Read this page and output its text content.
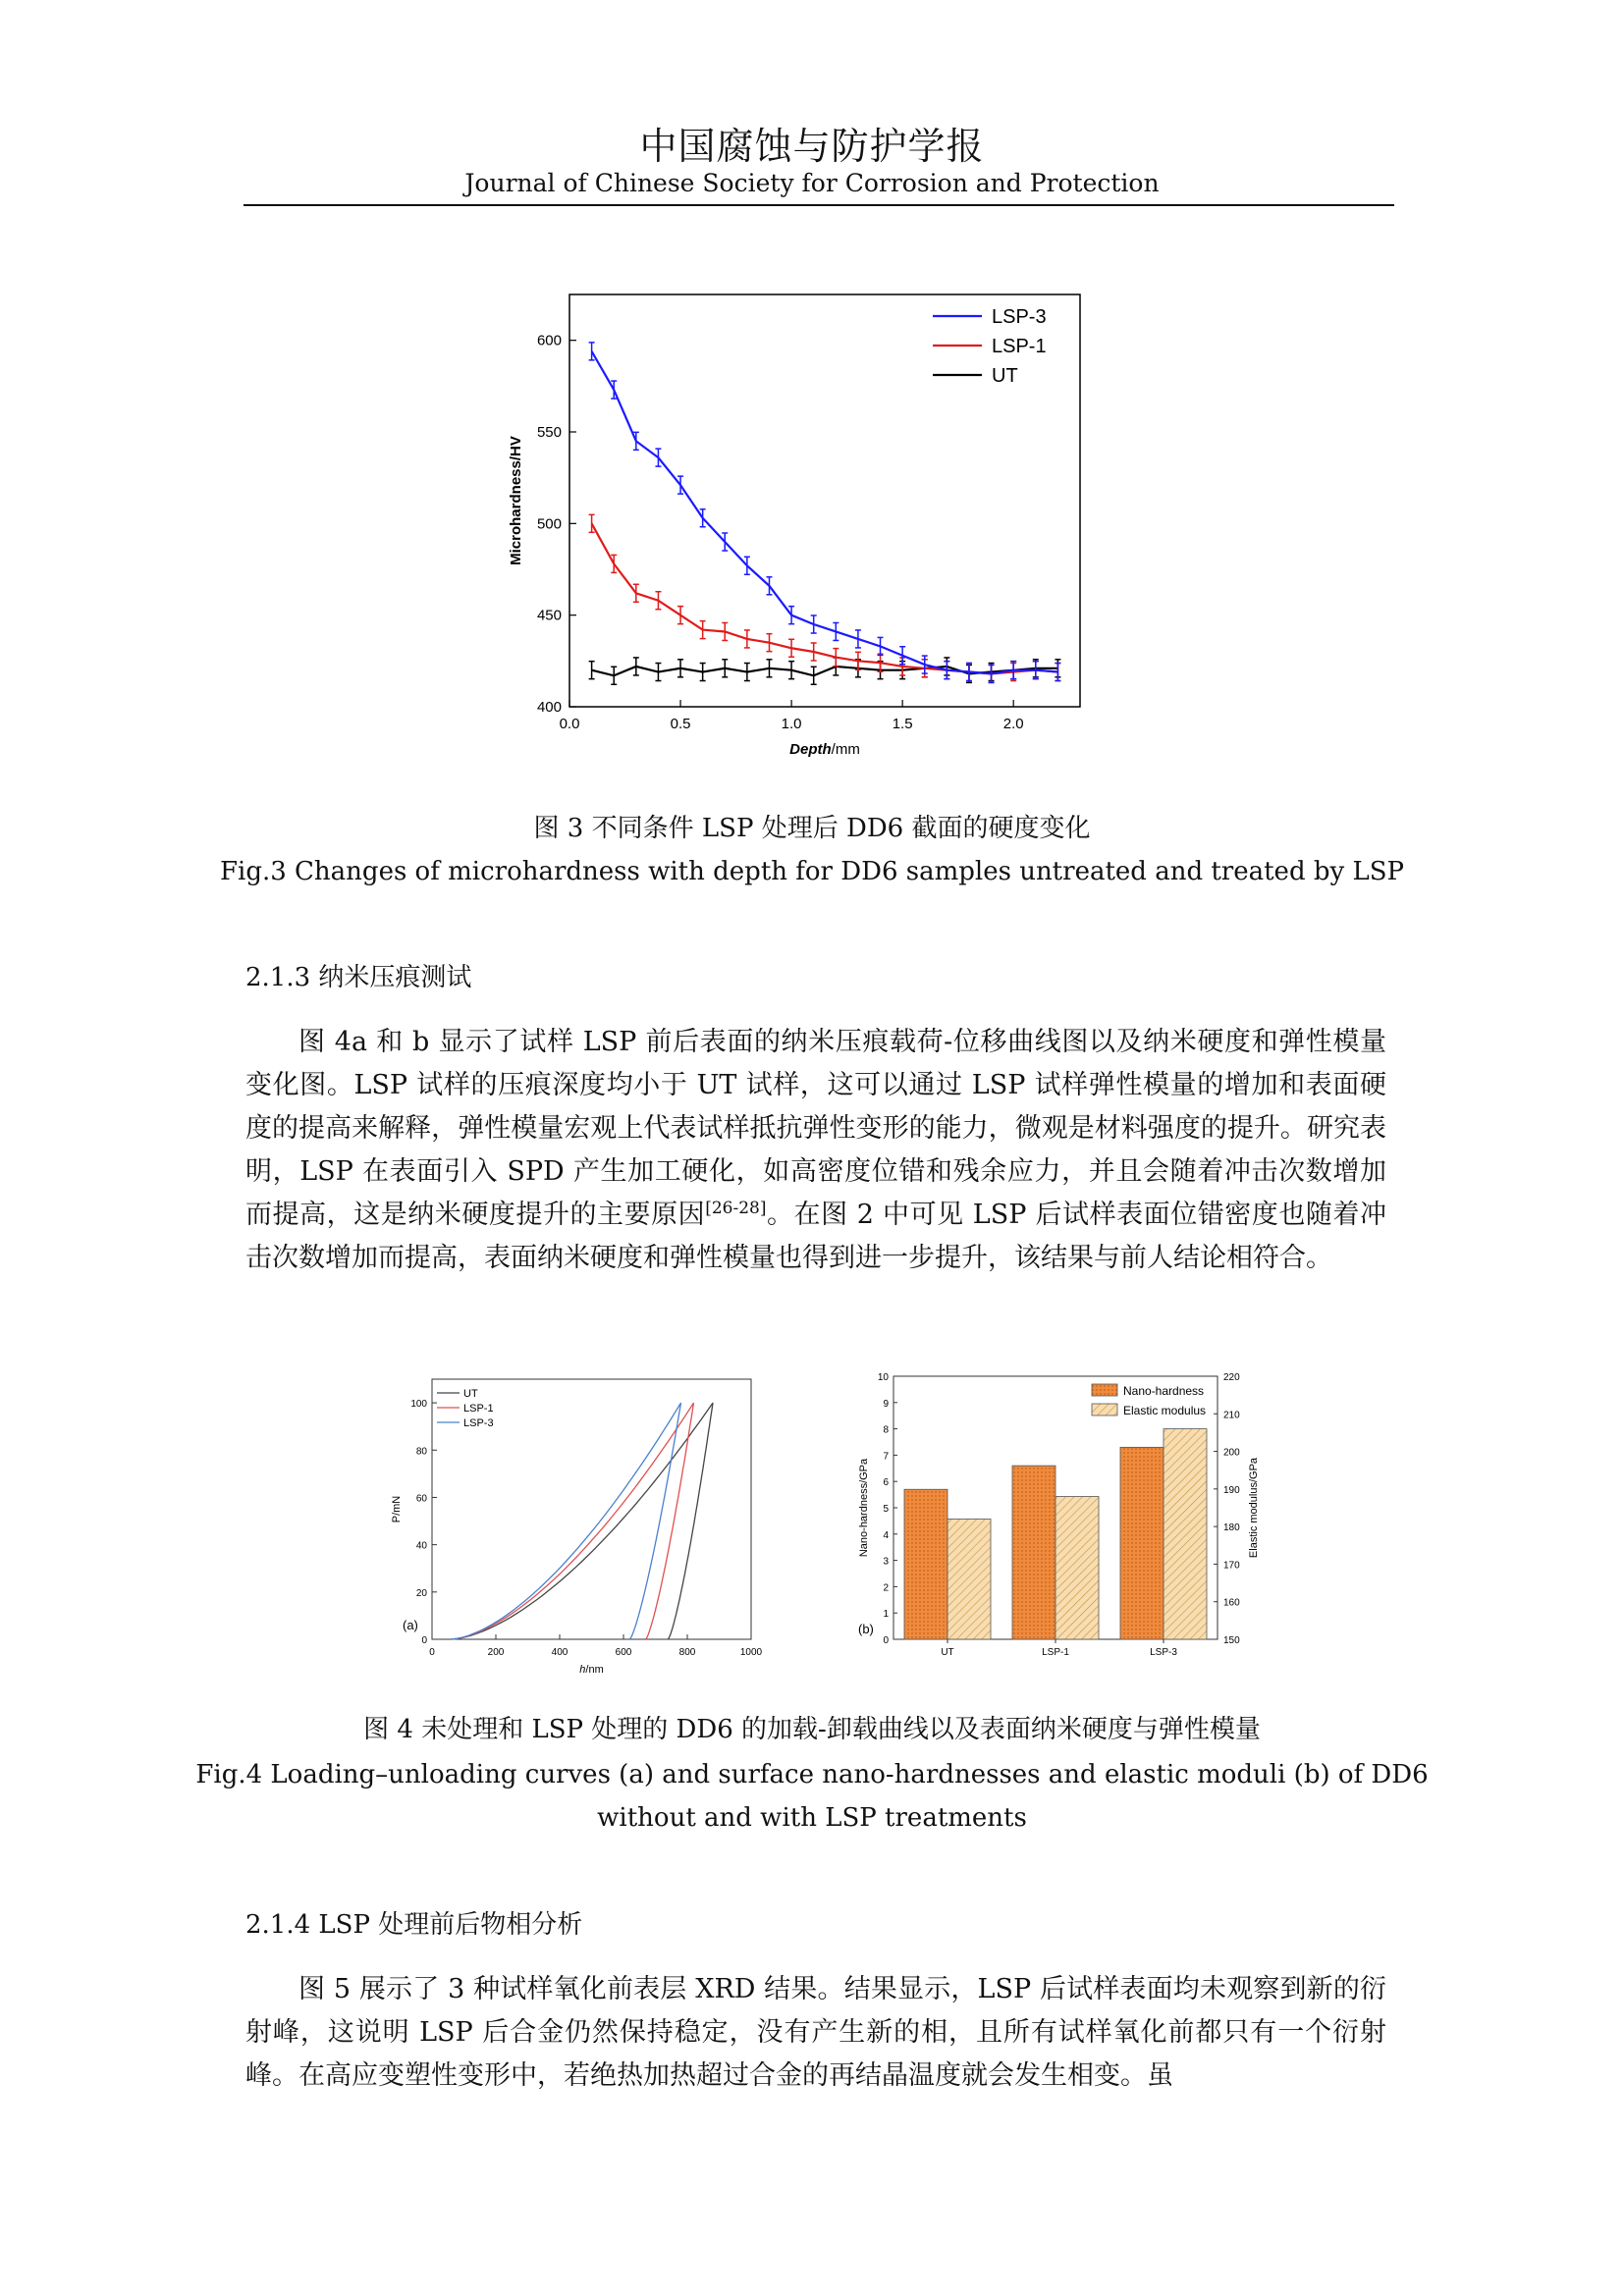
中国腐蚀与防护学报
Journal of Chinese Society for Corrosion and Protection
0.0	0.5	1.0	1.5	2.0
400
450
500
550
600
Depth/mm
Microhardness/HV
LSP-3
LSP-1
UT
图 3 不同条件 LSP 处理后 DD6 截面的硬度变化
Fig.3 Changes of microhardness with depth for DD6 samples untreated and treated by LSP
2.1.3 纳米压痕测试
图 4a 和 b 显示了试样 LSP 前后表面的纳米压痕载荷-位移曲线图以及纳米硬度和弹性模量变化图。LSP 试样的压痕深度均小于 UT 试样，这可以通过 LSP 试样弹性模量的增加和表面硬度的提高来解释，弹性模量宏观上代表试样抵抗弹性变形的能力，微观是材料强度的提升。研究表明，LSP 在表面引入 SPD 产生加工硬化，如高密度位错和残余应力，并且会随着冲击次数增加而提高，这是纳米硬度提升的主要原因[26-28]。在图 2 中可见 LSP 后试样表面位错密度也随着冲击次数增加而提高，表面纳米硬度和弹性模量也得到进一步提升，该结果与前人结论相符合。
0	200	400	600	800	1000
0
20
40
60
80
100
h/nm
P/mN
(a)
UT
LSP-1
LSP-3
0
1
2
3
4
5
6
7
8
9
10
150
160
170
180
190
200
210
220
Nano-hardness/GPa	Elastic modulus/GPa
(b)
UT	LSP-1	LSP-3
Nano-hardness
Elastic modulus
图 4 未处理和 LSP 处理的 DD6 的加载-卸载曲线以及表面纳米硬度与弹性模量
Fig.4 Loading–unloading curves (a) and surface nano-hardnesses and elastic moduli (b) of DD6
without and with LSP treatments
2.1.4 LSP 处理前后物相分析
图 5 展示了 3 种试样氧化前表层 XRD 结果。结果显示，LSP 后试样表面均未观察到新的衍射峰，这说明 LSP 后合金仍然保持稳定，没有产生新的相，且所有试样氧化前都只有一个衍射峰。在高应变塑性变形中，若绝热加热超过合金的再结晶温度就会发生相变。虽
